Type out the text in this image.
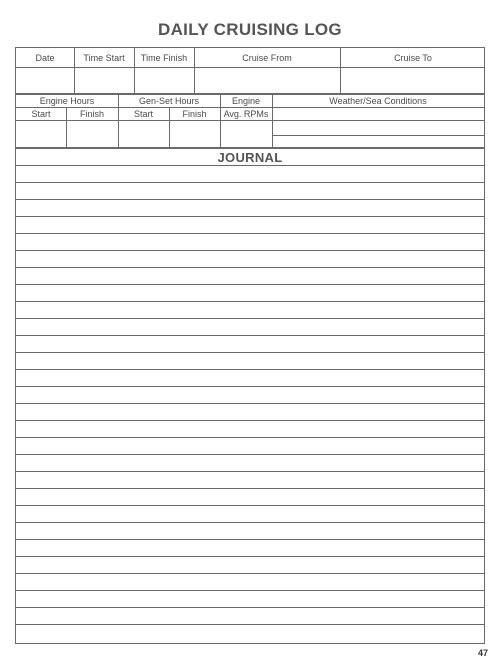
DAILY CRUISING LOG
Date	Time Start	Time Finish	Cruise From	Cruise To
Engine Hours	Gen-Set Hours	Engine	Weather/Sea Conditions
Start	Finish	Start	Finish	Avg. RPMs
JOURNAL
47
